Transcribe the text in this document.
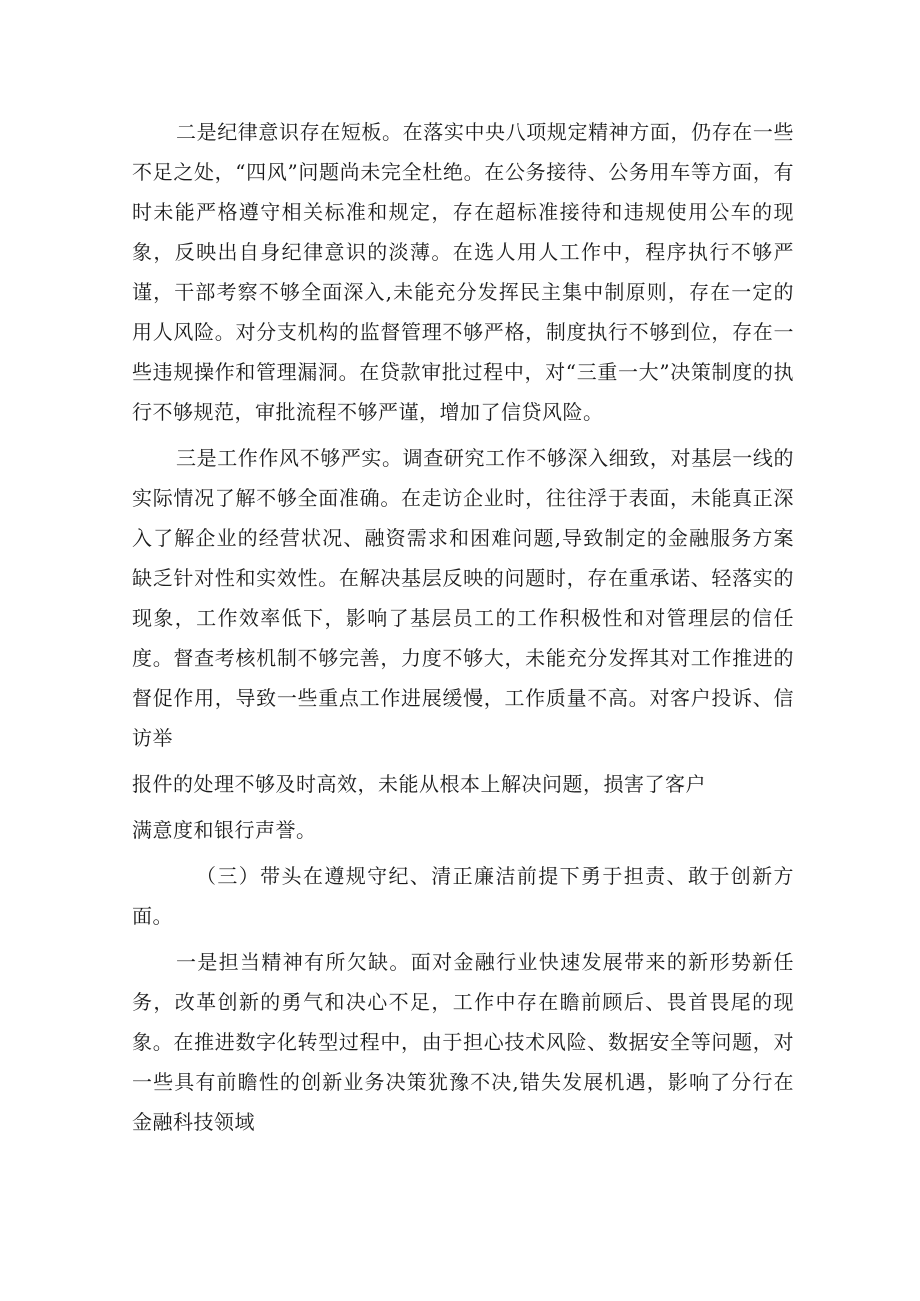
二是纪律意识存在短板。在落实中央八项规定精神方面，仍存在一些不足之处，“四风”问题尚未完全杜绝。在公务接待、公务用车等方面，有时未能严格遵守相关标准和规定，存在超标准接待和违规使用公车的现象，反映出自身纪律意识的淡薄。在选人用人工作中，程序执行不够严谨，干部考察不够全面深入,未能充分发挥民主集中制原则，存在一定的用人风险。对分支机构的监督管理不够严格，制度执行不够到位，存在一些违规操作和管理漏洞。在贷款审批过程中，对“三重一大”决策制度的执行不够规范，审批流程不够严谨，增加了信贷风险。

三是工作作风不够严实。调查研究工作不够深入细致，对基层一线的实际情况了解不够全面准确。在走访企业时，往往浮于表面，未能真正深入了解企业的经营状况、融资需求和困难问题,导致制定的金融服务方案缺乏针对性和实效性。在解决基层反映的问题时，存在重承诺、轻落实的现象，工作效率低下，影响了基层员工的工作积极性和对管理层的信任度。督查考核机制不够完善，力度不够大，未能充分发挥其对工作推进的督促作用，导致一些重点工作进展缓慢，工作质量不高。对客户投诉、信访举

报件的处理不够及时高效，未能从根本上解决问题，损害了客户

满意度和银行声誉。

（三）带头在遵规守纪、清正廉洁前提下勇于担责、敢于创新方面。

一是担当精神有所欠缺。面对金融行业快速发展带来的新形势新任务，改革创新的勇气和决心不足，工作中存在瞻前顾后、畏首畏尾的现象。在推进数字化转型过程中，由于担心技术风险、数据安全等问题，对一些具有前瞻性的创新业务决策犹豫不决,错失发展机遇，影响了分行在金融科技领域
